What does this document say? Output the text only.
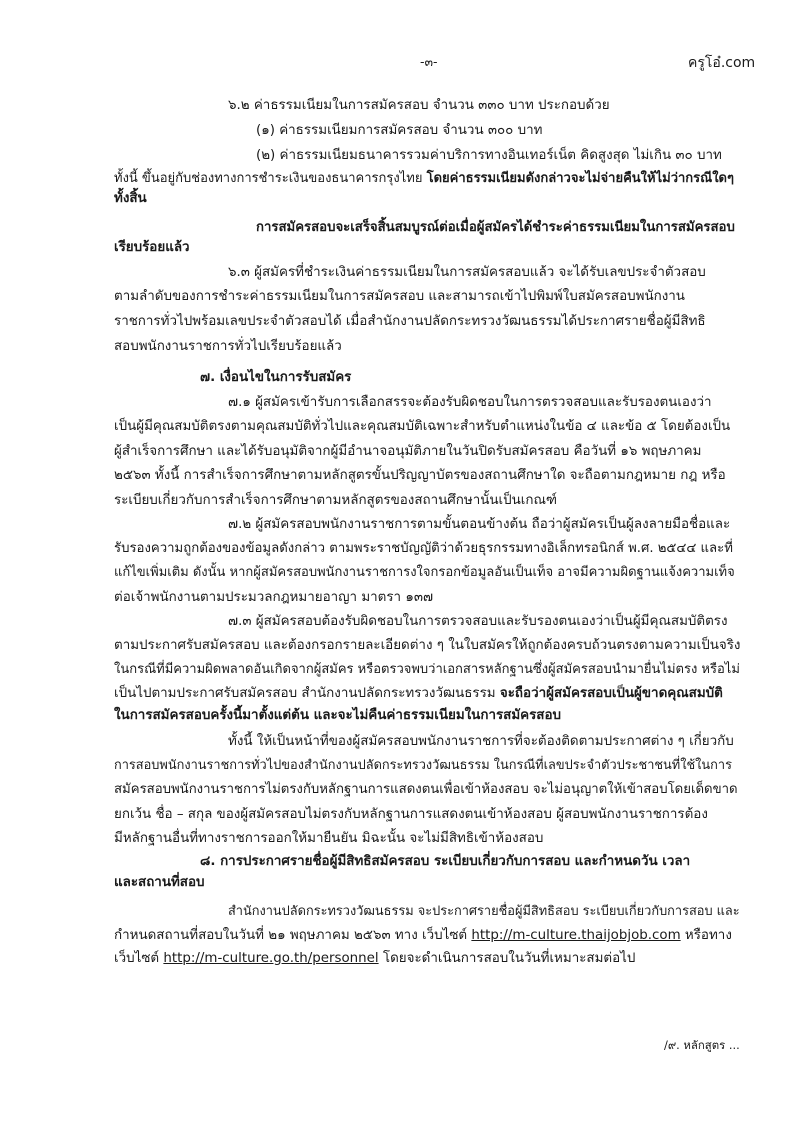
-๓-	ครูโอ๋.com
๖.๒ ค่าธรรมเนียมในการสมัครสอบ จำนวน ๓๓๐ บาท ประกอบด้วย
(๑) ค่าธรรมเนียมการสมัครสอบ จำนวน ๓๐๐ บาท
(๒) ค่าธรรมเนียมธนาคารรวมค่าบริการทางอินเทอร์เน็ต คิดสูงสุด ไม่เกิน ๓๐ บาท
ทั้งนี้ ขึ้นอยู่กับช่องทางการชำระเงินของธนาคารกรุงไทย โดยค่าธรรมเนียมดังกล่าวจะไม่จ่ายคืนให้ไม่ว่ากรณีใดๆ
ทั้งสิ้น
การสมัครสอบจะเสร็จสิ้นสมบูรณ์ต่อเมื่อผู้สมัครได้ชำระค่าธรรมเนียมในการสมัครสอบ
เรียบร้อยแล้ว
๖.๓ ผู้สมัครที่ชำระเงินค่าธรรมเนียมในการสมัครสอบแล้ว จะได้รับเลขประจำตัวสอบ
ตามลำดับของการชำระค่าธรรมเนียมในการสมัครสอบ และสามารถเข้าไปพิมพ์ใบสมัครสอบพนักงาน
ราชการทั่วไปพร้อมเลขประจำตัวสอบได้ เมื่อสำนักงานปลัดกระทรวงวัฒนธรรมได้ประกาศรายชื่อผู้มีสิทธิ
สอบพนักงานราชการทั่วไปเรียบร้อยแล้ว
๗. เงื่อนไขในการรับสมัคร
๗.๑ ผู้สมัครเข้ารับการเลือกสรรจะต้องรับผิดชอบในการตรวจสอบและรับรองตนเองว่า
เป็นผู้มีคุณสมบัติตรงตามคุณสมบัติทั่วไปและคุณสมบัติเฉพาะสำหรับตำแหน่งในข้อ ๔ และข้อ ๕ โดยต้องเป็น
ผู้สำเร็จการศึกษา และได้รับอนุมัติจากผู้มีอำนาจอนุมัติภายในวันปิดรับสมัครสอบ คือวันที่ ๑๖ พฤษภาคม
๒๕๖๓ ทั้งนี้ การสำเร็จการศึกษาตามหลักสูตรขั้นปริญญาบัตรของสถานศึกษาใด จะถือตามกฎหมาย กฎ หรือ
ระเบียบเกี่ยวกับการสำเร็จการศึกษาตามหลักสูตรของสถานศึกษานั้นเป็นเกณฑ์
๗.๒ ผู้สมัครสอบพนักงานราชการตามขั้นตอนข้างต้น ถือว่าผู้สมัครเป็นผู้ลงลายมือชื่อและ
รับรองความถูกต้องของข้อมูลดังกล่าว ตามพระราชบัญญัติว่าด้วยธุรกรรมทางอิเล็กทรอนิกส์ พ.ศ. ๒๕๔๔ และที่
แก้ไขเพิ่มเติม ดังนั้น หากผู้สมัครสอบพนักงานราชการงใจกรอกข้อมูลอันเป็นเท็จ อาจมีความผิดฐานแจ้งความเท็จ
ต่อเจ้าพนักงานตามประมวลกฎหมายอาญา มาตรา ๑๓๗
๗.๓ ผู้สมัครสอบต้องรับผิดชอบในการตรวจสอบและรับรองตนเองว่าเป็นผู้มีคุณสมบัติตรง
ตามประกาศรับสมัครสอบ และต้องกรอกรายละเอียดต่าง ๆ ในใบสมัครให้ถูกต้องครบถ้วนตรงตามความเป็นจริง
ในกรณีที่มีความผิดพลาดอันเกิดจากผู้สมัคร หรือตรวจพบว่าเอกสารหลักฐานซึ่งผู้สมัครสอบนำมายื่นไม่ตรง หรือไม่
เป็นไปตามประกาศรับสมัครสอบ สำนักงานปลัดกระทรวงวัฒนธรรม จะถือว่าผู้สมัครสอบเป็นผู้ขาดคุณสมบัติ
ในการสมัครสอบครั้งนี้มาตั้งแต่ต้น และจะไม่คืนค่าธรรมเนียมในการสมัครสอบ
ทั้งนี้ ให้เป็นหน้าที่ของผู้สมัครสอบพนักงานราชการที่จะต้องติดตามประกาศต่าง ๆ เกี่ยวกับ
การสอบพนักงานราชการทั่วไปของสำนักงานปลัดกระทรวงวัฒนธรรม ในกรณีที่เลขประจำตัวประชาชนที่ใช้ในการ
สมัครสอบพนักงานราชการไม่ตรงกับหลักฐานการแสดงตนเพื่อเข้าห้องสอบ จะไม่อนุญาตให้เข้าสอบโดยเด็ดขาด
ยกเว้น ชื่อ – สกุล ของผู้สมัครสอบไม่ตรงกับหลักฐานการแสดงตนเข้าห้องสอบ ผู้สอบพนักงานราชการต้อง
มีหลักฐานอื่นที่ทางราชการออกให้มายืนยัน มิฉะนั้น จะไม่มีสิทธิเข้าห้องสอบ
๘. การประกาศรายชื่อผู้มีสิทธิสมัครสอบ ระเบียบเกี่ยวกับการสอบ และกำหนดวัน เวลา
และสถานที่สอบ
สำนักงานปลัดกระทรวงวัฒนธรรม จะประกาศรายชื่อผู้มีสิทธิสอบ ระเบียบเกี่ยวกับการสอบ และ
กำหนดสถานที่สอบในวันที่ ๒๑ พฤษภาคม ๒๕๖๓ ทาง เว็บไซต์ http://m-culture.thaijobjob.com หรือทาง
เว็บไซต์ http://m-culture.go.th/personnel โดยจะดำเนินการสอบในวันที่เหมาะสมต่อไป
/๙. หลักสูตร ...
